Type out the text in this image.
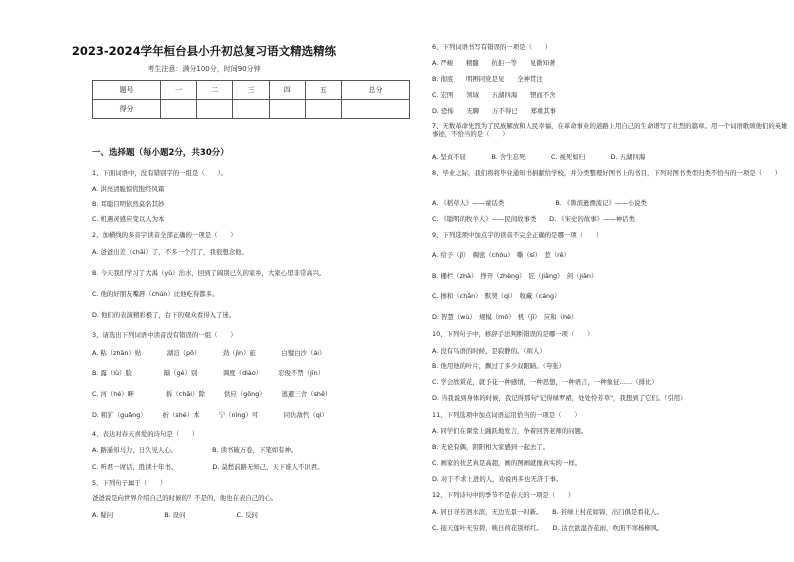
2023-2024学年桓台县小升初总复习语文精选精练
考生注意：满分100分，时间90分钟
题号	一	二	三	四	五	总分
得分						
一、选择题（每小题2分，共30分）
1、下面词语中，没有错别字的一组是（　　）。
A. 洪亮清脆惊慌饱经风霜
B. 耳聪目明依然莫名其妙
C. 机遇灵感应变以人为本
2、加横线的多音字读音全部正确的一项是（　　）
A. 爸爸出差（chāi）了，不多一个月了，我很想念他。
B. 今天我们学习了大禹（yǔ）治水，回到了阔别已久的家乡，大家心里非常高兴。
C. 他的好朋友嘴唇（chún）比他吃得都多。
D. 他们的表演精彩极了，台下的观众看得入了迷。
3、请选出下列词语中读音没有错误的一组（　　）
A. 粘（zhān）贴　　　　湖泊（pō）　　　　劲（jìn）旅　　　　白璧白沙（ái）
B. 露（lù）脸　　　　　隔（gé）别　　　　调度（diào）　　　忍俊不禁（jīn）
C. 河（hé）畔　　　　　拆（chāi）除　　　供应（gōng）　　　逃避三舍（shě）
D. 粗犷（guǎng）　　　折（shé）本　　　宁（nìng）可　　　　同仇敌忾（qì）
4、表达对春天喜爱的诗句是（　　）
A. 路遥知马力，日久见人心。　　　　　　B. 读书破万卷，下笔如有神。
C. 听君一席话，胜读十年书。　　　　　　D. 莫愁前路无知己，天下谁人不识君。
5、下列句子属于（　　）
爸爸说是向世界介绍自己的时候的？不是的，他也在表自己的心。
A. 疑问　　　　　　　　B. 设问　　　　　　　　C. 反问
6、下列词语书写有错误的一项是（　　）
A. 严峻　　精髓　　抗拒一等　　见微知著
B. 彻底　　明辨同党是见　　全神贯注
C. 宏图　　领域　　五湖四海　　锲而不舍
D. 恐怖　　无聊　　万不得已　　郑重其事
7、无数革命先烈为了民族解放和人民幸福，在革命事业的道路上用自己的生命谱写了壮烈的篇章。用一个词语歌颂他们的英雄事迹，不恰当的是（　　）
A. 坚贞不屈　　　　B. 舍生忘死　　　　C. 视死如归　　　　D. 五湖四海
8、毕业之际，我们将将毕业通知书捐献给学校，并分类整理好图书上的书目，下列对图书类型归类不恰当的一项是（　　）
A. 《稻草人》——童话类　　　　　　　　B. 《鲁滨逊漂流记》——小说类
C. 《聪明的牧羊人》——民间故事类　　D. 《宋史的故事》——神话类
9、下列选项中加点字的读音不完全正确的是哪一项（　　）
A. 给予（jǐ）　稠密（chóu）　嘶（sī）　惹（rě）
B. 栅栏（zhà）　挣开（zhèng）　匠（jiàng）　剑（jiàn）
C. 掺和（chān）　默契（qì）　收藏（cáng）
D. 智慧（wù）　规模（mó）　机（jī）　应和（hè）
10、下列句子中，修辞手法判断错误的是哪一项（　　）
A. 没有鸟语的时候，是寂静的。（拟人）
B. 他用他的叶片，飘过了多少双眼睛。（夸张）
C. 学会欣赏花，就予花一种感情，一种思想，一种语言，一种象征……（排比）
D. 当我说到身体的时候，我记得那句"记得绿罗裙，处处怜芳草"，我想到了它们。（引用）
11、下列选项中加点词语运用恰当的一项是（　　）
A. 同学们在课堂上踊跃地发言，争着回答老师的问题。
B. 无论有偶，阴阳相大家感到一起去了。
C. 画家的扶艺真是高超，画的图画就像真实的一样。
D. 对于不求上进的人，劝说再多也无济于事。
12、下列诗句中的季节不是春天的一项是（　　）
A. 居日寻芳泗水滨，无边光景一时新。　　B. 苔绿上村花如锦，出门俱是看花人。
C. 接天莲叶无穷碧，映日荷花别样红。　　D. 沽衣欲湿杏花雨，吹面不寒杨柳风。
